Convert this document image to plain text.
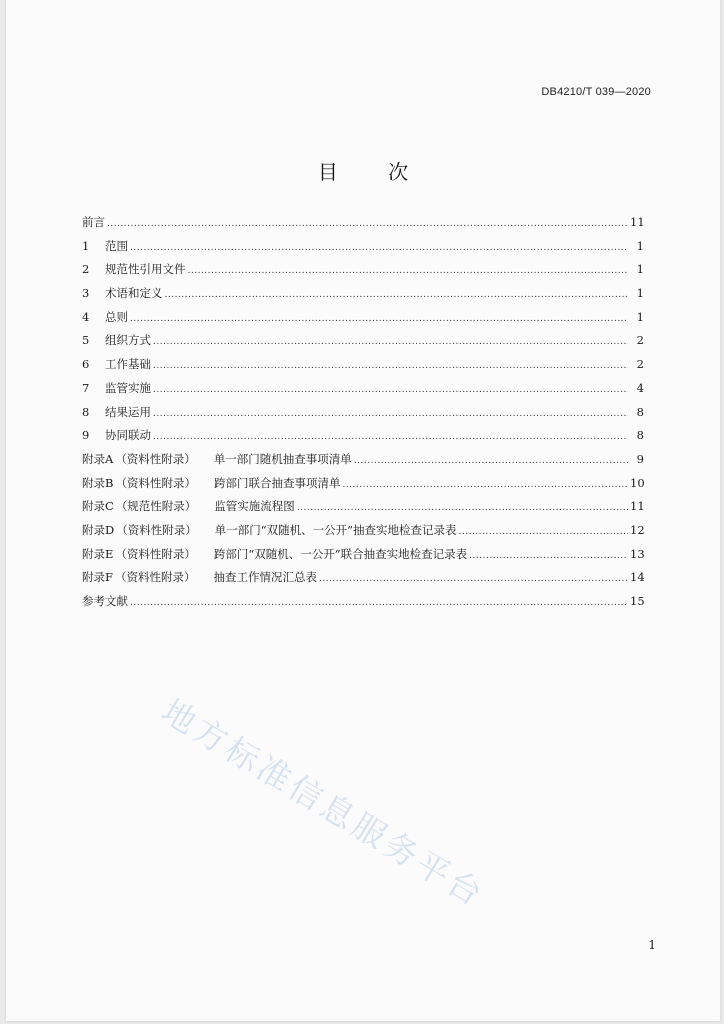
DB4210/T 039—2020
目	次
前言 .....	11
1	范围 .....	1
2	规范性引用文件 .....	1
3	术语和定义 .....	1
4	总则 .....	1
5	组织方式 .....	2
6	工作基础 .....	2
7	监管实施 .....	4
8	结果运用 .....	8
9	协同联动 .....	8
附录A （资料性附录） 单一部门随机抽查事项清单 .....	9
附录B （资料性附录） 跨部门联合抽查事项清单 .....	10
附录C （规范性附录） 监管实施流程图 .....	11
附录D （资料性附录） 单一部门“双随机、一公开”抽查实地检查记录表 .....	12
附录E （资料性附录） 跨部门“双随机、一公开”联合抽查实地检查记录表 .....	13
附录F （资料性附录） 抽查工作情况汇总表 .....	14
参考文献 .....	15
地方标准信息服务平台
1
